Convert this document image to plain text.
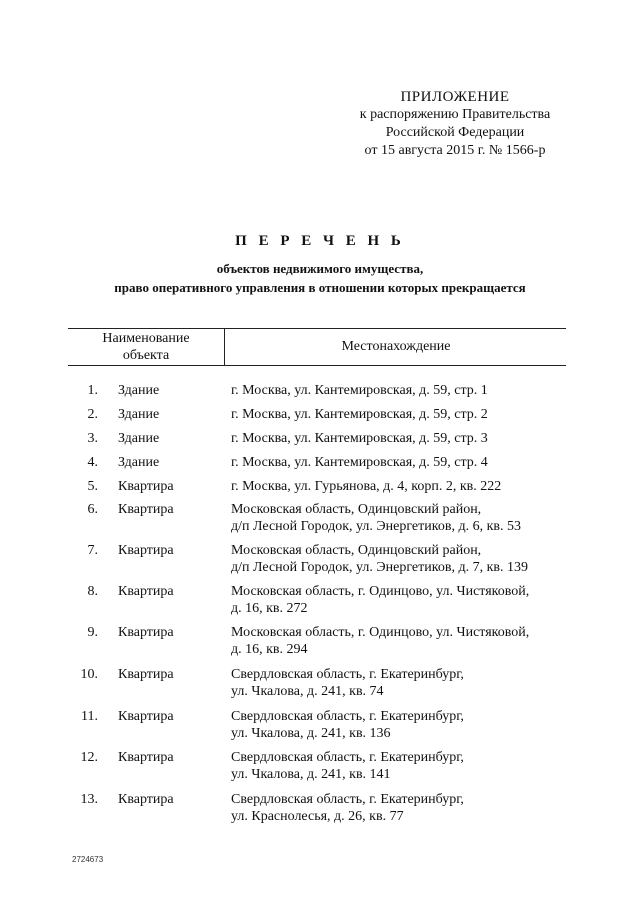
ПРИЛОЖЕНИЕ
к распоряжению Правительства
Российской Федерации
от 15 августа 2015 г. № 1566-р
П Е Р Е Ч Е Н Ь
объектов недвижимого имущества,
право оперативного управления в отношении которых прекращается
Наименование
объекта
Местонахождение
1. Здание	г. Москва, ул. Кантемировская, д. 59, стр. 1
2. Здание	г. Москва, ул. Кантемировская, д. 59, стр. 2
3. Здание	г. Москва, ул. Кантемировская, д. 59, стр. 3
4. Здание	г. Москва, ул. Кантемировская, д. 59, стр. 4
5. Квартира	г. Москва, ул. Гурьянова, д. 4, корп. 2, кв. 222
6. Квартира	Московская область, Одинцовский район,
д/п Лесной Городок, ул. Энергетиков, д. 6, кв. 53
7. Квартира	Московская область, Одинцовский район,
д/п Лесной Городок, ул. Энергетиков, д. 7, кв. 139
8. Квартира	Московская область, г. Одинцово, ул. Чистяковой,
д. 16, кв. 272
9. Квартира	Московская область, г. Одинцово, ул. Чистяковой,
д. 16, кв. 294
10. Квартира	Свердловская область, г. Екатеринбург,
ул. Чкалова, д. 241, кв. 74
11. Квартира	Свердловская область, г. Екатеринбург,
ул. Чкалова, д. 241, кв. 136
12. Квартира	Свердловская область, г. Екатеринбург,
ул. Чкалова, д. 241, кв. 141
13. Квартира	Свердловская область, г. Екатеринбург,
ул. Краснолесья, д. 26, кв. 77
2724673
